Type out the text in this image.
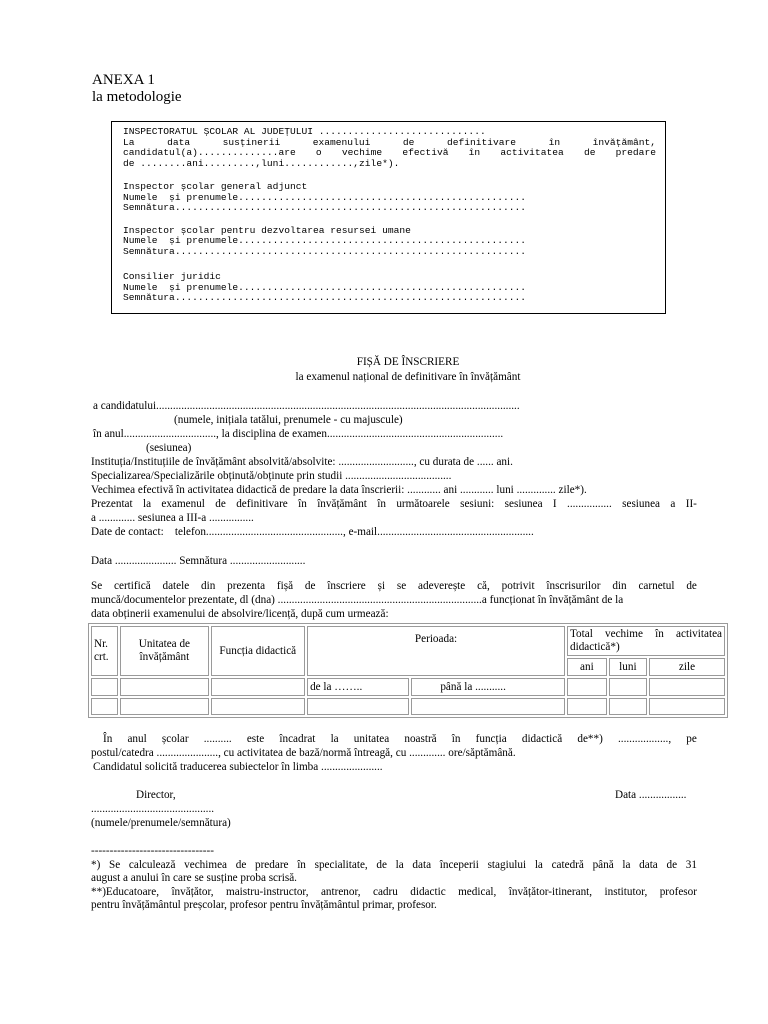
ANEXA 1
la metodologie
INSPECTORATUL ȘCOLAR AL JUDEȚULUI .............................
La	data	susținerii	examenului	de	definitivare	în	învățământ,
candidatul(a)..............are o vechime efectivă în activitatea de predare
de ........ani.........,luni............,zile*).
Inspector școlar general adjunct
Numele  și prenumele..................................................
Semnătura.............................................................
Inspector școlar pentru dezvoltarea resursei umane
Numele  și prenumele..................................................
Semnătura.............................................................
Consilier juridic
Numele  și prenumele..................................................
Semnătura.............................................................
FIȘĂ DE ÎNSCRIERE
la examenul național de definitivare în învățământ
a candidatului..................................................................................................................................
(numele, inițiala tatălui, prenumele - cu majuscule)
în anul................................., la disciplina de examen...............................................................
(sesiunea)
Instituția/Instituțiile de învățământ absolvită/absolvite: ..........................., cu durata de ...... ani.
Specializarea/Specializările obținută/obținute prin studii ......................................
Vechimea efectivă în activitatea didactică de predare la data înscrierii: ............ ani ............ luni .............. zile*).
Prezentat la examenul de definitivare în învățământ în următoarele sesiuni: sesiunea I ................ sesiunea a II-
a ............. sesiunea a III-a ................
Date de contact:    telefon................................................., e-mail........................................................
Data ...................... Semnătura ...........................
Se certifică datele din prezenta fișă de înscriere și se adeverește că, potrivit înscrisurilor din carnetul de
muncă/documentelor prezentate, dl (dna) .........................................................................a funcționat în învățământ de la
data obținerii examenului de absolvire/licență, după cum urmează:
Nr. crt.	Unitatea de învățământ	Funcția didactică	Perioada:		Total vechime în activitatea didactică*)		
					ani	luni	zile
			de la ……..	până la ...........			

În anul școlar .......... este încadrat la unitatea noastră în funcția didactică de**) .................., pe
postul/catedra ......................, cu activitatea de bază/normă întreagă, cu ............. ore/săptămână.
Candidatul solicită traducerea subiectelor în limba ......................
Director,	Data .................
............................................
(numele/prenumele/semnătura)
---------------------------------
*) Se calculează vechimea de predare în specialitate, de la data începerii stagiului la catedră până la data de 31
august a anului în care se susține proba scrisă.
**)Educatoare, învățător, maistru-instructor, antrenor, cadru didactic medical, învățător-itinerant, institutor, profesor
pentru învățământul preșcolar, profesor pentru învățământul primar, profesor.
